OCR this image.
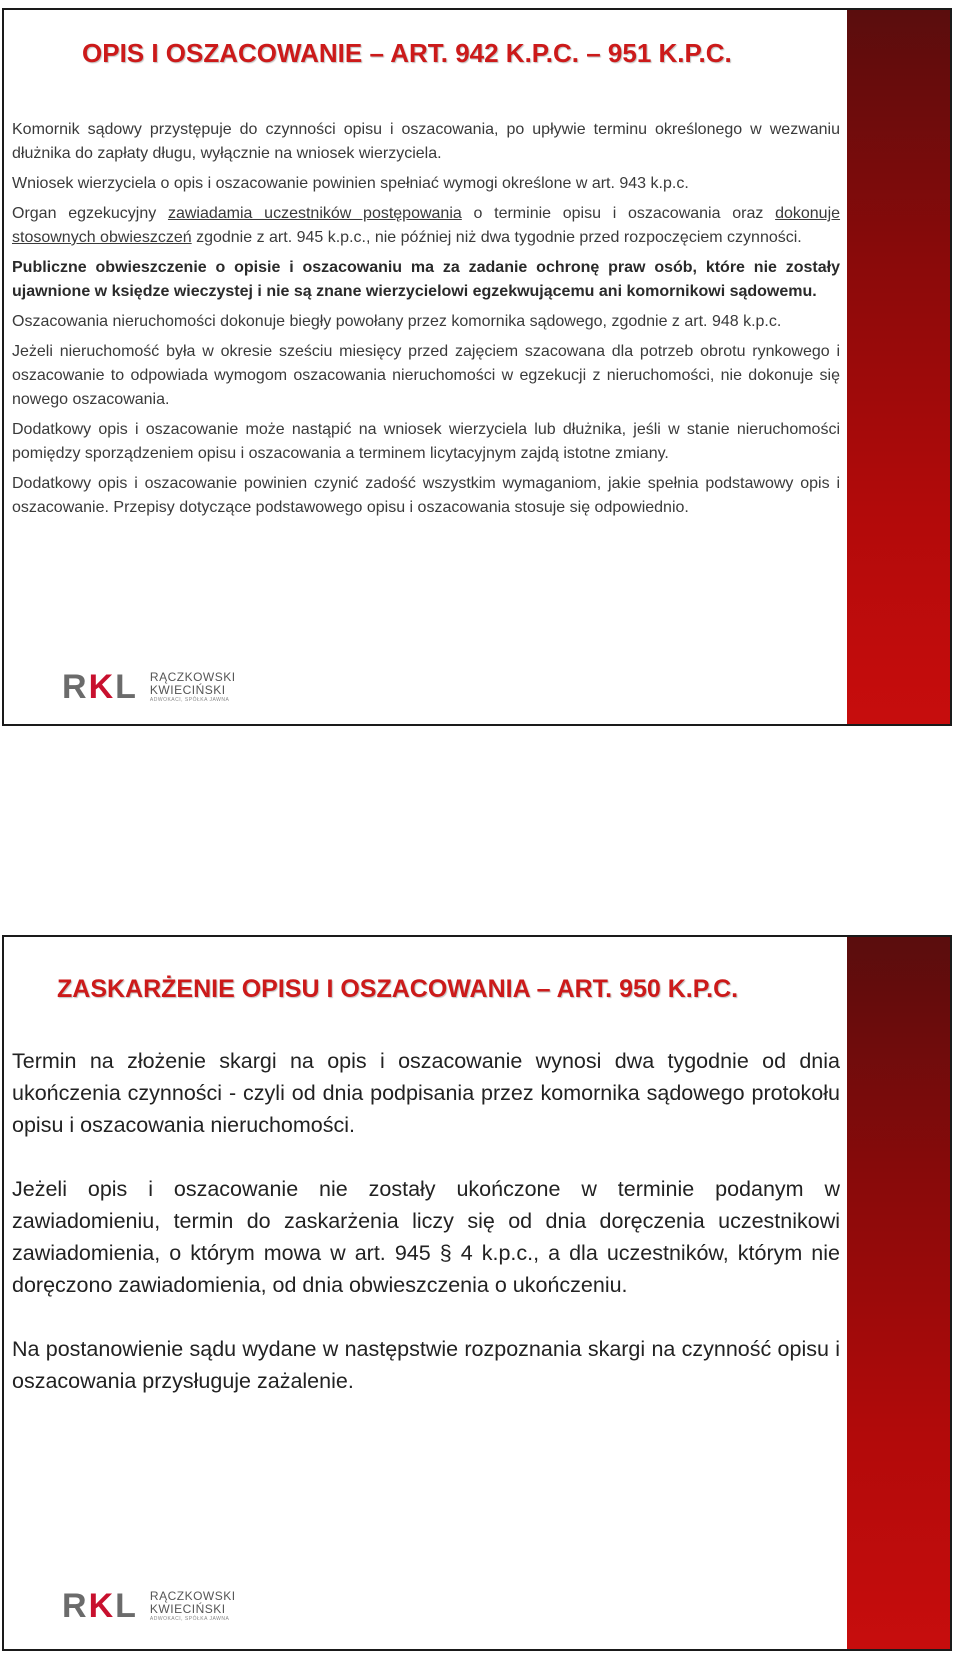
OPIS I OSZACOWANIE – ART. 942 K.P.C. – 951 K.P.C.

Komornik sądowy przystępuje do czynności opisu i oszacowania, po upływie terminu określonego w wezwaniu dłużnika do zapłaty długu, wyłącznie na wniosek wierzyciela.

Wniosek wierzyciela o opis i oszacowanie powinien spełniać wymogi określone w art. 943 k.p.c.

Organ egzekucyjny zawiadamia uczestników postępowania o terminie opisu i oszacowania oraz dokonuje stosownych obwieszczeń zgodnie z art. 945 k.p.c., nie później niż dwa tygodnie przed rozpoczęciem czynności.

Publiczne obwieszczenie o opisie i oszacowaniu ma za zadanie ochronę praw osób, które nie zostały ujawnione w księdze wieczystej i nie są znane wierzycielowi egzekwującemu ani komornikowi sądowemu.

Oszacowania nieruchomości dokonuje biegły powołany przez komornika sądowego, zgodnie z art. 948 k.p.c.

Jeżeli nieruchomość była w okresie sześciu miesięcy przed zajęciem szacowana dla potrzeb obrotu rynkowego i oszacowanie to odpowiada wymogom oszacowania nieruchomości w egzekucji z nieruchomości, nie dokonuje się nowego oszacowania.

Dodatkowy opis i oszacowanie może nastąpić na wniosek wierzyciela lub dłużnika, jeśli w stanie nieruchomości pomiędzy sporządzeniem opisu i oszacowania a terminem licytacyjnym zajdą istotne zmiany.

Dodatkowy opis i oszacowanie powinien czynić zadość wszystkim wymaganiom, jakie spełnia podstawowy opis i oszacowanie. Przepisy dotyczące podstawowego opisu i oszacowania stosuje się odpowiednio.

RKL RĄCZKOWSKI
KWIECIŃSKI
ADWOKACI, SPÓŁKA JAWNA
ZASKARŻENIE OPISU I OSZACOWANIA – ART. 950 K.P.C.

Termin na złożenie skargi na opis i oszacowanie wynosi dwa tygodnie od dnia ukończenia czynności - czyli od dnia podpisania przez komornika sądowego protokołu opisu i oszacowania nieruchomości.

Jeżeli opis i oszacowanie nie zostały ukończone w terminie podanym w zawiadomieniu, termin do zaskarżenia liczy się od dnia doręczenia uczestnikowi zawiadomienia, o którym mowa w art. 945 § 4 k.p.c., a dla uczestników, którym nie doręczono zawiadomienia, od dnia obwieszczenia o ukończeniu.

Na postanowienie sądu wydane w następstwie rozpoznania skargi na czynność opisu i oszacowania przysługuje zażalenie.

RKL RĄCZKOWSKI
KWIECIŃSKI
ADWOKACI, SPÓŁKA JAWNA
